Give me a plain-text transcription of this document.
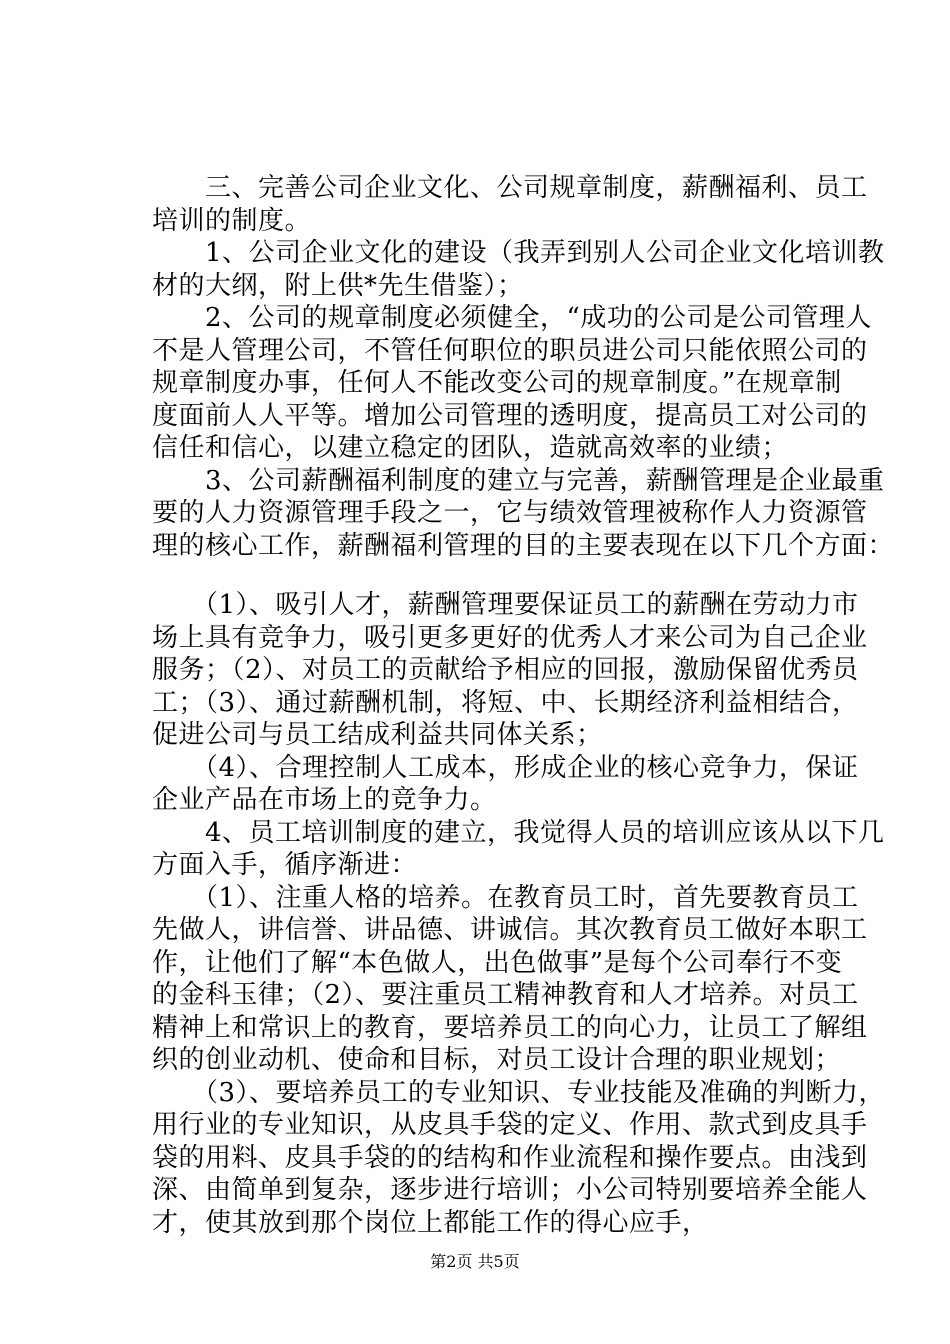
　　三、完善公司企业文化、公司规章制度，薪酬福利、员工
培训的制度。
　　1、公司企业文化的建设（我弄到别人公司企业文化培训教
材的大纲，附上供*先生借鉴）；
　　2、公司的规章制度必须健全，“成功的公司是公司管理人
不是人管理公司，不管任何职位的职员进公司只能依照公司的
规章制度办事，任何人不能改变公司的规章制度。”在规章制
度面前人人平等。增加公司管理的透明度，提高员工对公司的
信任和信心，以建立稳定的团队，造就高效率的业绩；
　　3、公司薪酬福利制度的建立与完善，薪酬管理是企业最重
要的人力资源管理手段之一，它与绩效管理被称作人力资源管
理的核心工作，薪酬福利管理的目的主要表现在以下几个方面：
　　（1）、吸引人才，薪酬管理要保证员工的薪酬在劳动力市
场上具有竞争力，吸引更多更好的优秀人才来公司为自己企业
服务；（2）、对员工的贡献给予相应的回报，激励保留优秀员
工；（3）、通过薪酬机制，将短、中、长期经济利益相结合，
促进公司与员工结成利益共同体关系；
　　（4）、合理控制人工成本，形成企业的核心竞争力，保证
企业产品在市场上的竞争力。
　　4、员工培训制度的建立，我觉得人员的培训应该从以下几
方面入手，循序渐进：
　　（1）、注重人格的培养。在教育员工时，首先要教育员工
先做人，讲信誉、讲品德、讲诚信。其次教育员工做好本职工
作，让他们了解“本色做人，出色做事”是每个公司奉行不变
的金科玉律；（2）、要注重员工精神教育和人才培养。对员工
精神上和常识上的教育，要培养员工的向心力，让员工了解组
织的创业动机、使命和目标，对员工设计合理的职业规划；
　　（3）、要培养员工的专业知识、专业技能及准确的判断力，
用行业的专业知识，从皮具手袋的定义、作用、款式到皮具手
袋的用料、皮具手袋的的结构和作业流程和操作要点。由浅到
深、由简单到复杂，逐步进行培训；小公司特别要培养全能人
才，使其放到那个岗位上都能工作的得心应手，
第2页 共5页
